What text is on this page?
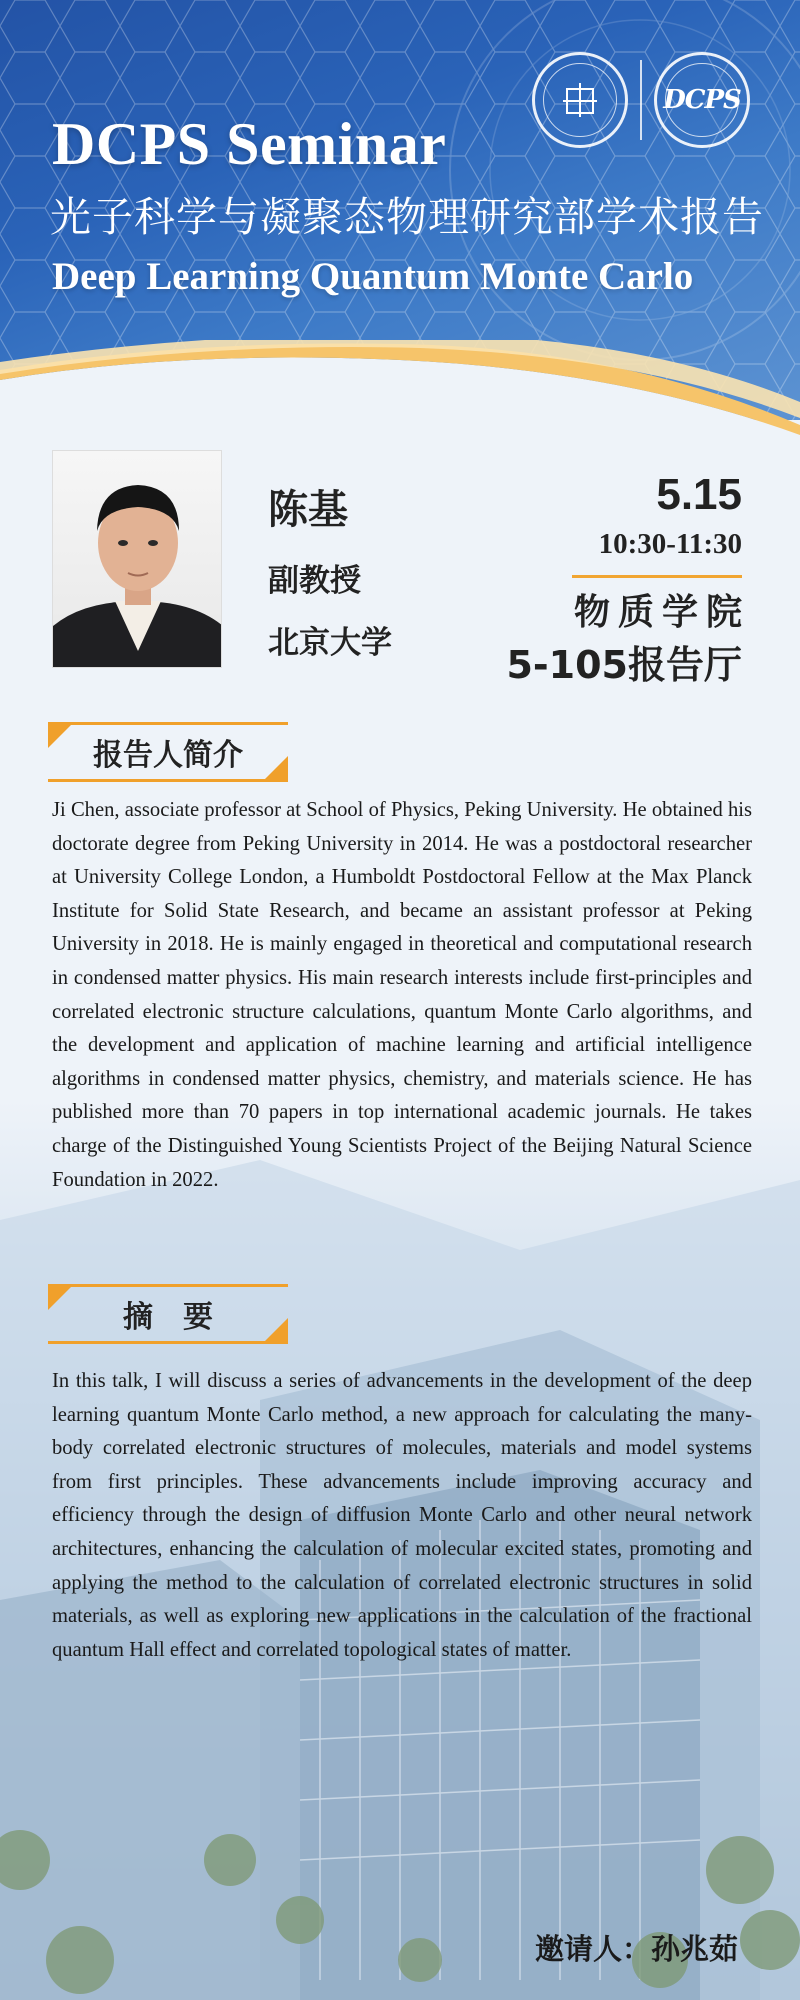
DCPS
DCPS Seminar
光子科学与凝聚态物理研究部学术报告
Deep Learning Quantum Monte Carlo
陈基
副教授
北京大学
5.15
10:30-11:30
物质学院
5-105报告厅
报告人简介
Ji Chen, associate professor at School of Physics, Peking University. He obtained his doctorate degree from Peking University in 2014. He was a postdoctoral researcher at University College London, a Humboldt Postdoctoral Fellow at the Max Planck Institute for Solid State Research, and became an assistant professor at Peking University in 2018. He is mainly engaged in theoretical and computational research in condensed matter physics. His main research interests include first-principles and correlated electronic structure calculations, quantum Monte Carlo algorithms, and the development and application of machine learning and artificial intelligence algorithms in condensed matter physics, chemistry, and materials science. He has published more than 70 papers in top international academic journals. He takes charge of the Distinguished Young Scientists Project of the Beijing Natural Science Foundation in 2022.
摘　要
In this talk, I will discuss a series of advancements in the development of the deep learning quantum Monte Carlo method, a new approach for calculating the many-body correlated electronic structures of molecules, materials and model systems from first principles. These advancements include improving accuracy and efficiency through the design of diffusion Monte Carlo and other neural network architectures, enhancing the calculation of molecular excited states, promoting and applying the method to the calculation of correlated electronic structures in solid materials, as well as exploring new applications in the calculation of the fractional quantum Hall effect and correlated topological states of matter.
邀请人：孙兆茹
